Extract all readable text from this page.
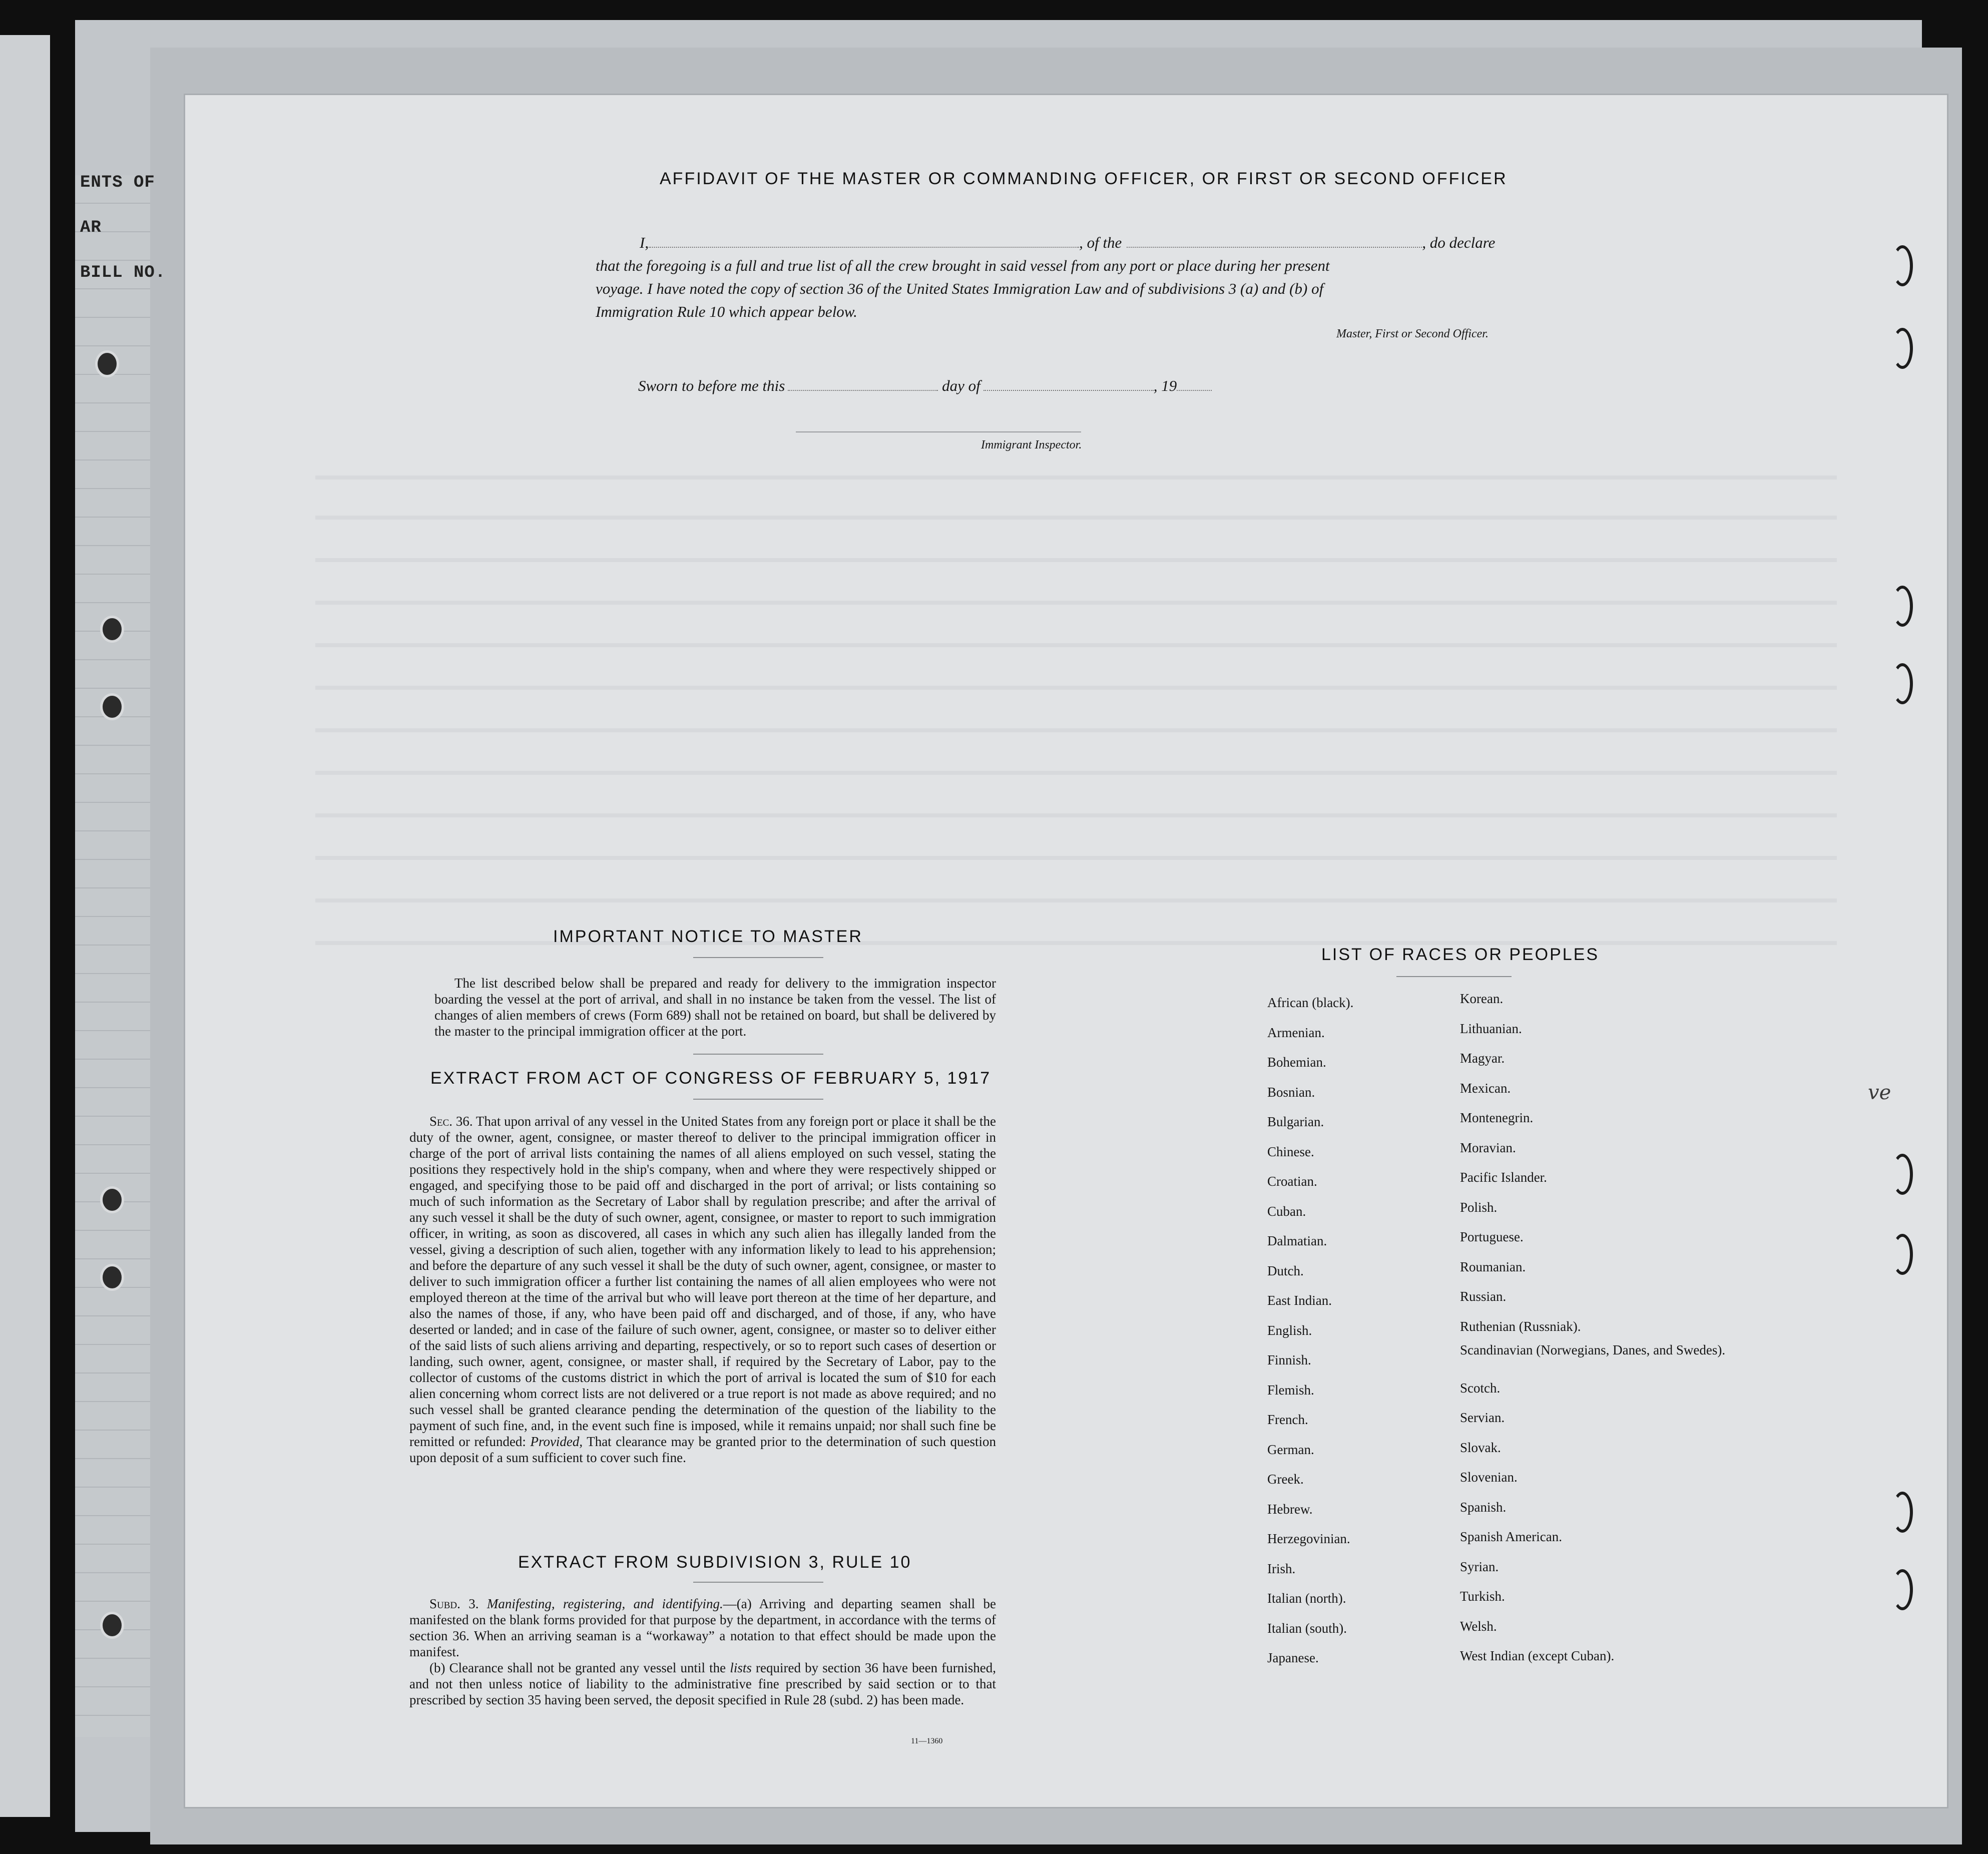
ENTS OF AR
BILL NO.
AFFIDAVIT OF THE MASTER OR COMMANDING OFFICER, OR FIRST OR SECOND OFFICER
I,	, of the	, do declare
that the foregoing is a full and true list of all the crew brought in said vessel from any port or place during her present
voyage. I have noted the copy of section 36 of the United States Immigration Law and of subdivisions 3 (a) and (b) of
Immigration Rule 10 which appear below.
Master, First or Second Officer.
Sworn to before me this	day of	, 19
Immigrant Inspector.
IMPORTANT NOTICE TO MASTER

The list described below shall be prepared and ready for delivery to the immigration inspector boarding the vessel at the port of arrival, and shall in no instance be taken from the vessel. The list of changes of alien members of crews (Form 689) shall not be retained on board, but shall be delivered by the master to the principal immigration officer at the port.

EXTRACT FROM ACT OF CONGRESS OF FEBRUARY 5, 1917

Sec. 36. That upon arrival of any vessel in the United States from any foreign port or place it shall be the duty of the owner, agent, consignee, or master thereof to deliver to the principal immigration officer in charge of the port of arrival lists containing the names of all aliens employed on such vessel, stating the positions they respectively hold in the ship's company, when and where they were respectively shipped or engaged, and specifying those to be paid off and discharged in the port of arrival; or lists containing so much of such information as the Secretary of Labor shall by regulation prescribe; and after the arrival of any such vessel it shall be the duty of such owner, agent, consignee, or master to report to such immigration officer, in writing, as soon as discovered, all cases in which any such alien has illegally landed from the vessel, giving a description of such alien, together with any information likely to lead to his apprehension; and before the departure of any such vessel it shall be the duty of such owner, agent, consignee, or master to deliver to such immigration officer a further list containing the names of all alien employees who were not employed thereon at the time of the arrival but who will leave port thereon at the time of her departure, and also the names of those, if any, who have been paid off and discharged, and of those, if any, who have deserted or landed; and in case of the failure of such owner, agent, consignee, or master so to deliver either of the said lists of such aliens arriving and departing, respectively, or so to report such cases of desertion or landing, such owner, agent, consignee, or master shall, if required by the Secretary of Labor, pay to the collector of customs of the customs district in which the port of arrival is located the sum of $10 for each alien concerning whom correct lists are not delivered or a true report is not made as above required; and no such vessel shall be granted clearance pending the determination of the question of the liability to the payment of such fine, and, in the event such fine is imposed, while it remains unpaid; nor shall such fine be remitted or refunded: Provided, That clearance may be granted prior to the determination of such question upon deposit of a sum sufficient to cover such fine.

EXTRACT FROM SUBDIVISION 3, RULE 10

Subd. 3. Manifesting, registering, and identifying.—(a) Arriving and departing seamen shall be manifested on the blank forms provided for that purpose by the department, in accordance with the terms of section 36. When an arriving seaman is a “workaway” a notation to that effect should be made upon the manifest.

(b) Clearance shall not be granted any vessel until the lists required by section 36 have been furnished, and not then unless notice of liability to the administrative fine prescribed by said section or to that prescribed by section 35 having been served, the deposit specified in Rule 28 (subd. 2) has been made.

11—1360
LIST OF RACES OR PEOPLES
African (black).
Armenian.
Bohemian.
Bosnian.
Bulgarian.
Chinese.
Croatian.
Cuban.
Dalmatian.
Dutch.
East Indian.
English.
Finnish.
Flemish.
French.
German.
Greek.
Hebrew.
Herzegovinian.
Irish.
Italian (north).
Italian (south).
Japanese.
Korean.
Lithuanian.
Magyar.
Mexican.
Montenegrin.
Moravian.
Pacific Islander.
Polish.
Portuguese.
Roumanian.
Russian.
Ruthenian (Russniak).
Scandinavian (Norwegians, Danes, and Swedes).
Scotch.
Servian.
Slovak.
Slovenian.
Spanish.
Spanish American.
Syrian.
Turkish.
Welsh.
West Indian (except Cuban).
ve
